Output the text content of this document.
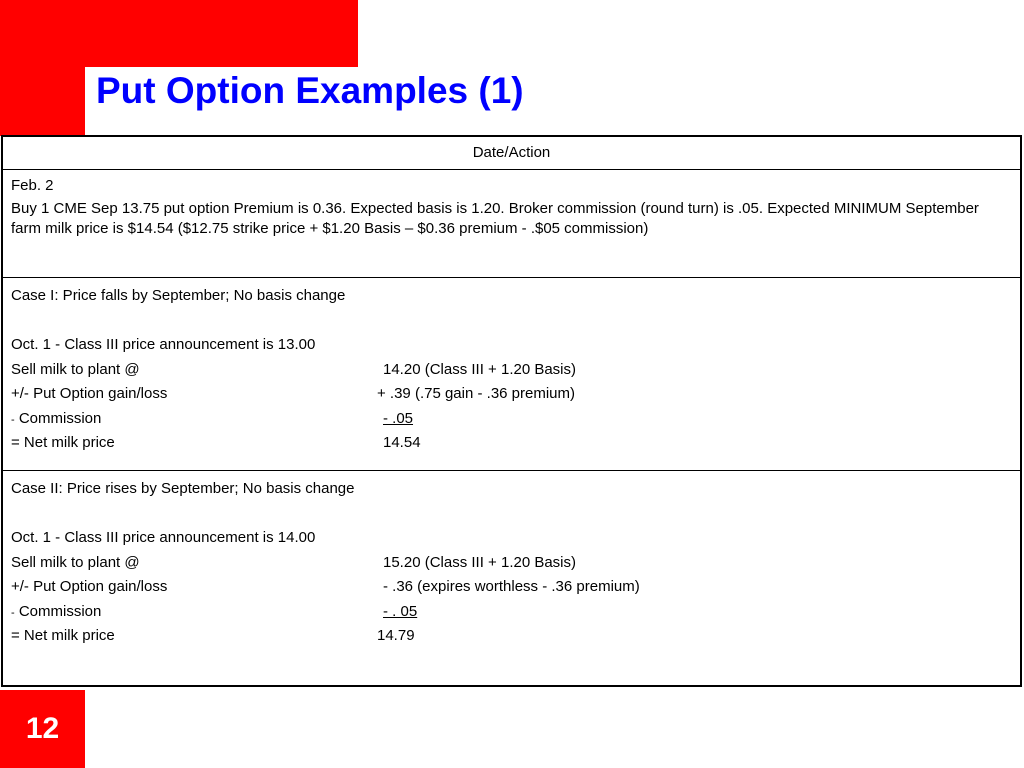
12
Put Option Examples (1)
Date/Action
Feb. 2
Buy 1 CME Sep 13.75 put option Premium is 0.36. Expected basis is 1.20. Broker commission (round turn) is .05. Expected MINIMUM September farm milk price is $14.54 ($12.75 strike price + $1.20 Basis – $0.36 premium - .$05 commission)
Case I: Price falls by September; No basis change
Oct. 1 - Class III price announcement is 13.00
Sell milk to plant @	14.20 (Class III + 1.20 Basis)
+/- Put Option gain/loss	+ .39 (.75 gain - .36 premium)
- Commission	- .05
= Net milk price	14.54
Case II: Price rises by September; No basis change
Oct. 1 - Class III price announcement is 14.00
Sell milk to plant @	15.20 (Class III + 1.20 Basis)
+/- Put Option gain/loss	- .36 (expires worthless - .36 premium)
- Commission	- . 05
= Net milk price	14.79
